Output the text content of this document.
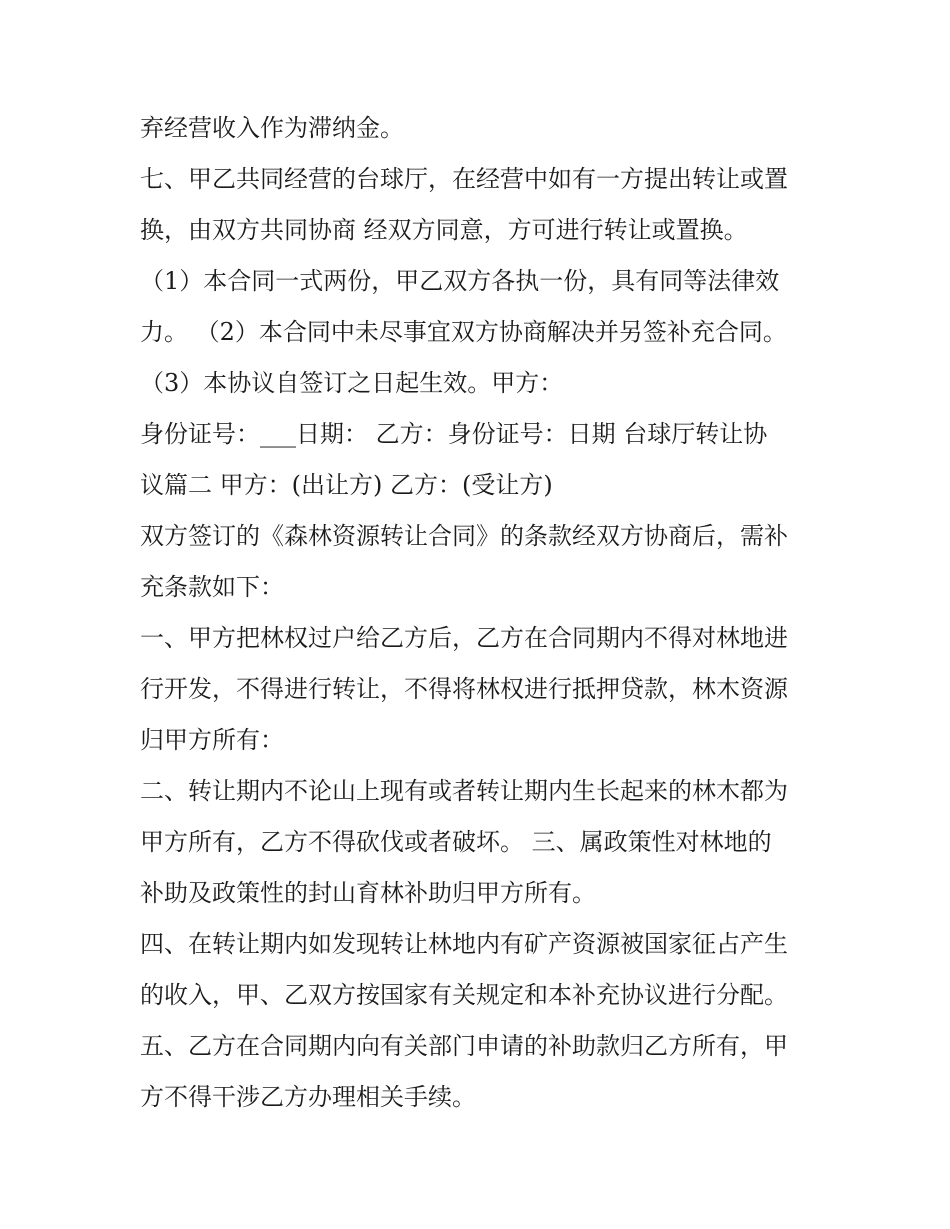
弃经营收入作为滞纳金。
七、甲乙共同经营的台球厅，在经营中如有一方提出转让或置
换，由双方共同协商 经双方同意，方可进行转让或置换。
（1）本合同一式两份，甲乙双方各执一份，具有同等法律效
力。 （2）本合同中未尽事宜双方协商解决并另签补充合同。
（3）本协议自签订之日起生效。甲方：
身份证号：___日期： 乙方：身份证号：日期 台球厅转让协
议篇二 甲方：(出让方) 乙方：(受让方)
双方签订的《森林资源转让合同》的条款经双方协商后，需补
充条款如下：
一、甲方把林权过户给乙方后，乙方在合同期内不得对林地进
行开发，不得进行转让，不得将林权进行抵押贷款，林木资源
归甲方所有：
二、转让期内不论山上现有或者转让期内生长起来的林木都为
甲方所有，乙方不得砍伐或者破坏。 三、属政策性对林地的
补助及政策性的封山育林补助归甲方所有。
四、在转让期内如发现转让林地内有矿产资源被国家征占产生
的收入，甲、乙双方按国家有关规定和本补充协议进行分配。
五、乙方在合同期内向有关部门申请的补助款归乙方所有，甲
方不得干涉乙方办理相关手续。
